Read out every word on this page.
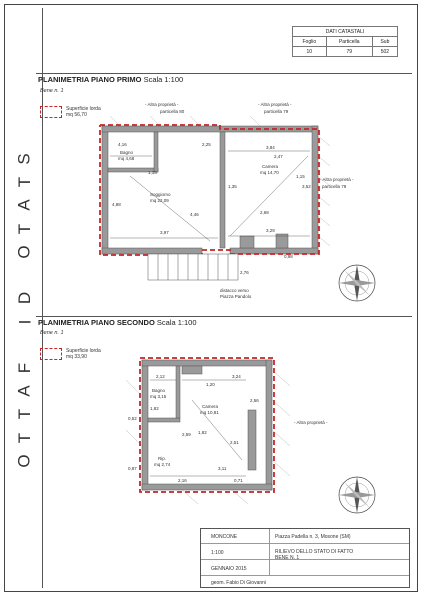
S
T
A
T
O
D
I
F
A
T
T
O
DATI CATASTALI		
Foglio	Particella	Sub
10	79	502
PLANIMETRIA PIANO PRIMO Scala 1:100
Bene n. 1
Superficie lorda
mq 56,70
- Altra proprietà -
particella 80
- Altra proprietà -
particella 79
- Altra proprietà -
particella 79
Bagno
mq 4,68
Soggiorno
mq 22,09
Camera
mq 14,70
4,16	2,25
3,84
1,15
4,88
1,35
2,47
4,46
3,52
1,15
2,68
3,97	3,29
0,98
2,76
distacco verso
Piazza Pandolo
PLANIMETRIA PIANO SECONDO Scala 1:100
Bene n. 1
Superficie lorda
mq 33,90
- Altra proprietà -
Bagno
mq 3,15
Camera
mq 10,81
Rip.
mq 2,74
2,12	3,24
1,82
2,59 1,82
2,51
3,11
2,16	0,71
2,56
1,20
0,87
0,52
MONCONE	Piazza Padella n. 3, Mosone (SM)
1:100	RILIEVO DELLO STATO DI FATTO
BENE N. 1
GENNAIO 2015
geom. Fabio Di Giovanni
